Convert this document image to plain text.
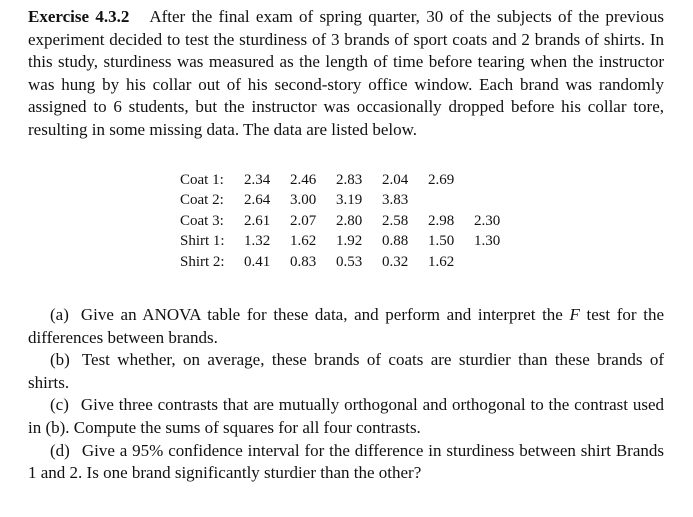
Exercise 4.3.2 After the final exam of spring quarter, 30 of the subjects of the previous experiment decided to test the sturdiness of 3 brands of sport coats and 2 brands of shirts. In this study, sturdiness was measured as the length of time before tearing when the instructor was hung by his collar out of his second-story office window. Each brand was randomly assigned to 6 students, but the instructor was occasionally dropped before his collar tore, resulting in some missing data. The data are listed below.

Coat 1:	2.34	2.46	2.83	2.04	2.69	
Coat 2:	2.64	3.00	3.19	3.83		
Coat 3:	2.61	2.07	2.80	2.58	2.98	2.30
Shirt 1:	1.32	1.62	1.92	0.88	1.50	1.30
Shirt 2:	0.41	0.83	0.53	0.32	1.62	

(a) Give an ANOVA table for these data, and perform and interpret the F test for the differences between brands.

(b) Test whether, on average, these brands of coats are sturdier than these brands of shirts.

(c) Give three contrasts that are mutually orthogonal and orthogonal to the contrast used in (b). Compute the sums of squares for all four contrasts.

(d) Give a 95% confidence interval for the difference in sturdiness between shirt Brands 1 and 2. Is one brand significantly sturdier than the other?
